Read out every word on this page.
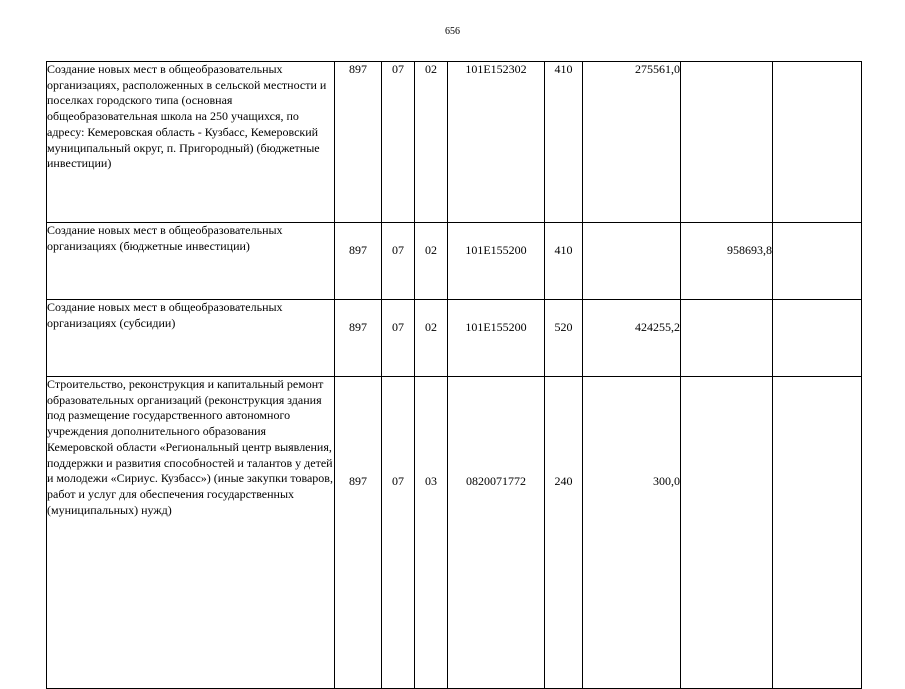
656
Создание новых мест в общеобразовательных организациях, расположенных в сельской местности и поселках городского типа (основная общеобразовательная школа на 250 учащихся, по адресу: Кемеровская область - Кузбасс, Кемеровский муниципальный округ, п. Пригородный) (бюджетные инвестиции)	897	07	02	101Е152302	410	275561,0		
Создание новых мест в общеобразовательных организациях (бюджетные инвестиции)	897	07	02	101Е155200	410		958693,8	
Создание новых мест в общеобразовательных организациях (субсидии)	897	07	02	101Е155200	520	424255,2		
Строительство, реконструкция и капитальный ремонт образовательных организаций (реконструкция здания под размещение государственного автономного учреждения дополнительного образования Кемеровской области «Региональный центр выявления, поддержки и развития способностей и талантов у детей и молодежи «Сириус. Кузбасс») (иные закупки товаров, работ и услуг для обеспечения государственных (муниципальных) нужд)	897	07	03	0820071772	240	300,0		
